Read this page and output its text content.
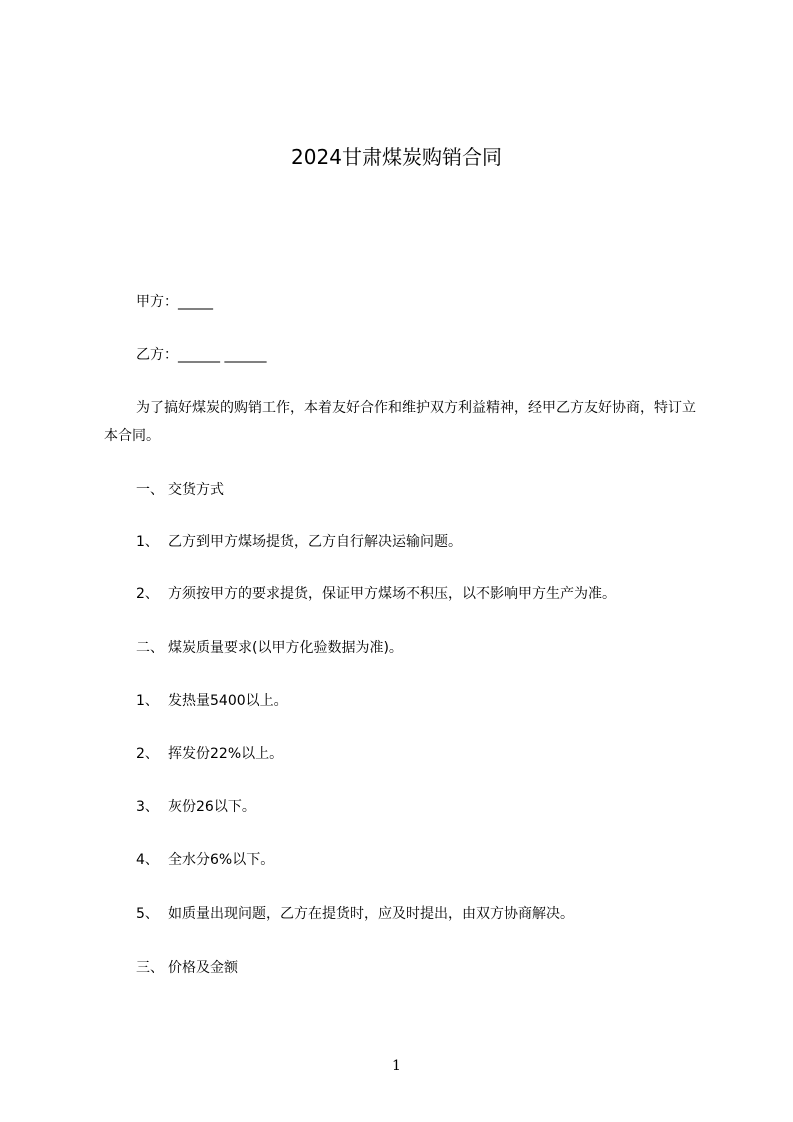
2024甘肃煤炭购销合同
甲方：_____
乙方：______ ______
为了搞好煤炭的购销工作，本着友好合作和维护双方利益精神，经甲乙方友好协商，特订立本合同。
一、 交货方式
1、 乙方到甲方煤场提货，乙方自行解决运输问题。
2、 方须按甲方的要求提货，保证甲方煤场不积压，以不影响甲方生产为准。
二、 煤炭质量要求(以甲方化验数据为准)。
1、 发热量5400以上。
2、 挥发份22%以上。
3、 灰份26以下。
4、 全水分6%以下。
5、 如质量出现问题，乙方在提货时，应及时提出，由双方协商解决。
三、 价格及金额
1
